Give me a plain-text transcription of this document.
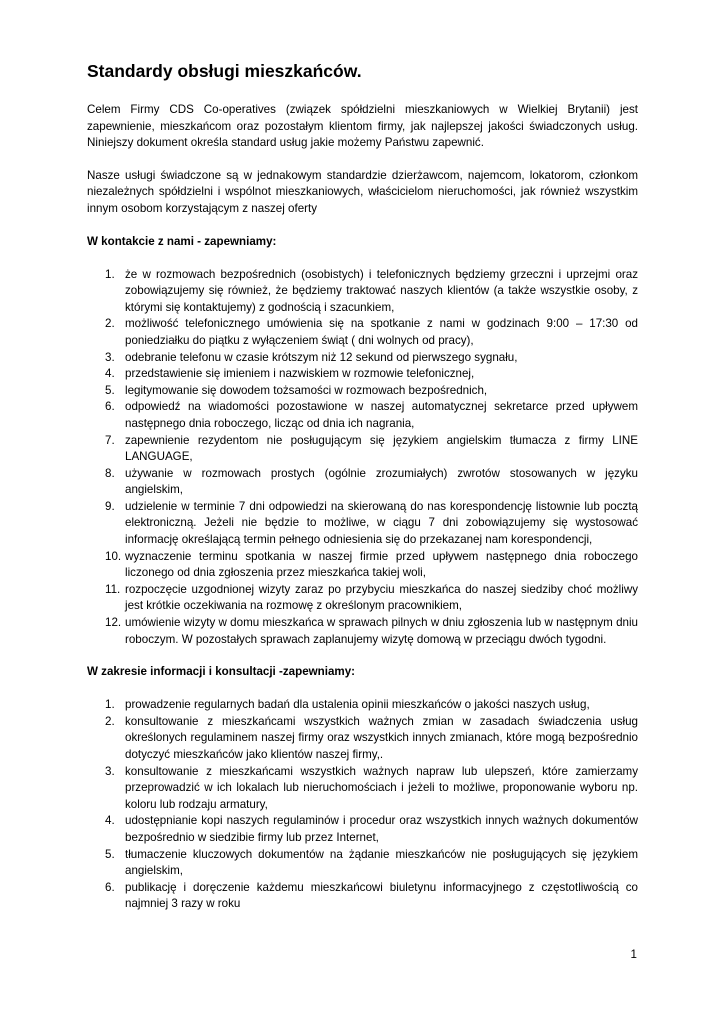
Standardy obsługi mieszkańców.

Celem Firmy CDS Co-operatives (związek spółdzielni mieszkaniowych w Wielkiej Brytanii) jest zapewnienie, mieszkańcom oraz pozostałym klientom firmy, jak najlepszej jakości świadczonych usług. Niniejszy dokument określa standard usług jakie możemy Państwu zapewnić.

Nasze usługi świadczone są w jednakowym standardzie dzierżawcom, najemcom, lokatorom, członkom niezależnych spółdzielni i wspólnot mieszkaniowych, właścicielom nieruchomości, jak również wszystkim innym osobom korzystającym z naszej oferty

W kontakcie z nami - zapewniamy:
1. że w rozmowach bezpośrednich (osobistych) i telefonicznych będziemy grzeczni i uprzejmi oraz zobowiązujemy się również, że będziemy traktować naszych klientów (a także wszystkie osoby, z którymi się kontaktujemy) z godnością i szacunkiem,
2. możliwość telefonicznego umówienia się na spotkanie z nami w godzinach 9:00 – 17:30 od poniedziałku do piątku z wyłączeniem świąt ( dni wolnych od pracy),
3. odebranie telefonu w czasie krótszym niż 12 sekund od pierwszego sygnału,
4. przedstawienie się imieniem i nazwiskiem w rozmowie telefonicznej,
5. legitymowanie się dowodem tożsamości w rozmowach bezpośrednich,
6. odpowiedź na wiadomości pozostawione w naszej automatycznej sekretarce przed upływem następnego dnia roboczego, licząc od dnia ich nagrania,
7. zapewnienie rezydentom nie posługującym się językiem angielskim tłumacza z firmy LINE LANGUAGE,
8. używanie w rozmowach prostych (ogólnie zrozumiałych) zwrotów stosowanych w języku angielskim,
9. udzielenie w terminie 7 dni odpowiedzi na skierowaną do nas korespondencję listownie lub pocztą elektroniczną. Jeżeli nie będzie to możliwe, w ciągu 7 dni zobowiązujemy się wystosować informację określającą termin pełnego odniesienia się do przekazanej nam korespondencji,
10. wyznaczenie terminu spotkania w naszej firmie przed upływem następnego dnia roboczego liczonego od dnia zgłoszenia przez mieszkańca takiej woli,
11. rozpoczęcie uzgodnionej wizyty zaraz po przybyciu mieszkańca do naszej siedziby choć możliwy jest krótkie oczekiwania na rozmowę z określonym pracownikiem,
12. umówienie wizyty w domu mieszkańca w sprawach pilnych w dniu zgłoszenia lub w następnym dniu roboczym. W pozostałych sprawach zaplanujemy wizytę domową w przeciągu dwóch tygodni.
W zakresie informacji i konsultacji -zapewniamy:
1. prowadzenie regularnych badań dla ustalenia opinii mieszkańców o jakości naszych usług,
2. konsultowanie z mieszkańcami wszystkich ważnych zmian w zasadach świadczenia usług określonych regulaminem naszej firmy oraz wszystkich innych zmianach, które mogą bezpośrednio dotyczyć mieszkańców jako klientów naszej firmy,.
3. konsultowanie z mieszkańcami wszystkich ważnych napraw lub ulepszeń, które zamierzamy przeprowadzić w ich lokalach lub nieruchomościach i jeżeli to możliwe, proponowanie wyboru np. koloru lub rodzaju armatury,
4. udostępnianie kopi naszych regulaminów i procedur oraz wszystkich innych ważnych dokumentów bezpośrednio w siedzibie firmy lub przez Internet,
5. tłumaczenie kluczowych dokumentów na żądanie mieszkańców nie posługujących się językiem angielskim,
6. publikację i doręczenie każdemu mieszkańcowi biuletynu informacyjnego z częstotliwością co najmniej 3 razy w roku
1
